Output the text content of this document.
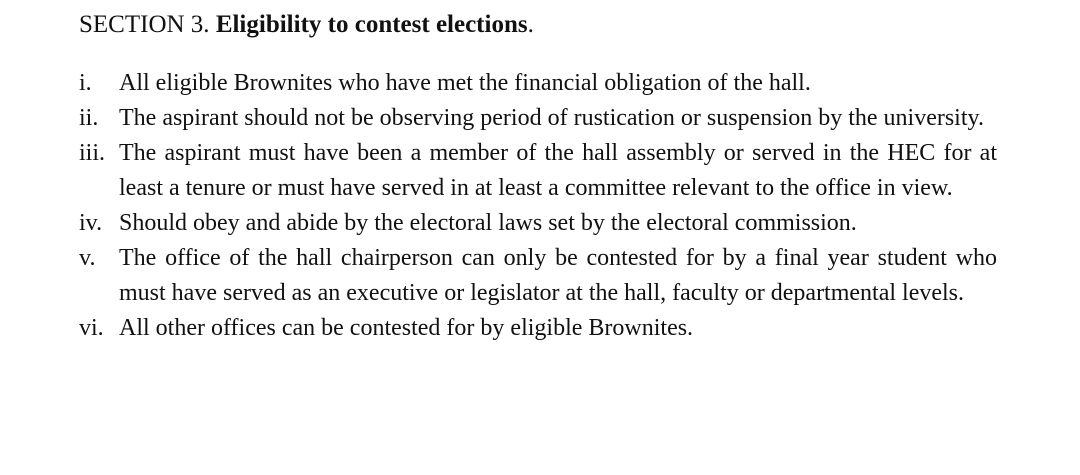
SECTION 3. Eligibility to contest elections.
i.	All eligible Brownites who have met the financial obligation of the hall.
ii. The aspirant should not be observing period of rustication or suspension by the university.
iii. The aspirant must have been a member of the hall assembly or served in the HEC for at least a tenure or must have served in at least a committee relevant to the office in view.
iv. Should obey and abide by the electoral laws set by the electoral commission.
v. The office of the hall chairperson can only be contested for by a final year student who must have served as an executive or legislator at the hall, faculty or departmental levels.
vi. All other offices can be contested for by eligible Brownites.
